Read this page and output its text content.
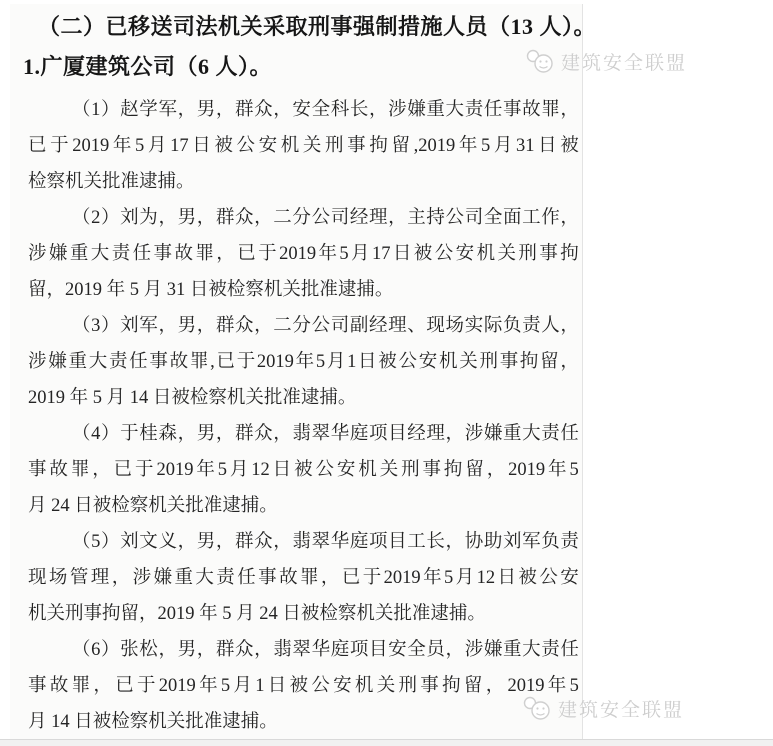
（二）已移送司法机关采取刑事强制措施人员（13 人）。
1.广厦建筑公司（6 人）。
（ 1 ） 赵 学 军 ， 男 ， 群 众 ， 安 全 科 长 ， 涉 嫌 重 大 责 任 事 故 罪 ，
已 于 2019 年 5 月 17 日 被 公 安 机 关 刑 事 拘 留 ,2019 年 5 月 31 日 被
检察机关批准逮捕。
（ 2 ） 刘 为 ， 男 ， 群 众 ， 二 分 公 司 经 理 ， 主 持 公 司 全 面 工 作 ，
涉 嫌 重 大 责 任 事 故 罪 ， 已 于 2019 年 5 月 17 日 被 公 安 机 关 刑 事 拘
留，2019 年 5 月 31 日被检察机关批准逮捕。
（ 3 ） 刘 军 ， 男 ， 群 众 ， 二 分 公 司 副 经 理 、 现 场 实 际 负 责 人 ，
涉 嫌 重 大 责 任 事 故 罪 , 已 于 2019 年 5 月 1 日 被 公 安 机 关 刑 事 拘 留 ，
2019 年 5 月 14 日被检察机关批准逮捕。
（ 4 ） 于 桂 森 ， 男 ， 群 众 ， 翡 翠 华 庭 项 目 经 理 ， 涉 嫌 重 大 责 任
事 故 罪 ， 已 于 2019 年 5 月 12 日 被 公 安 机 关 刑 事 拘 留 ， 2019 年 5
月 24 日被检察机关批准逮捕。
（ 5 ） 刘 文 义 ， 男 ， 群 众 ， 翡 翠 华 庭 项 目 工 长 ， 协 助 刘 军 负 责
现 场 管 理 ， 涉 嫌 重 大 责 任 事 故 罪 ， 已 于 2019 年 5 月 12 日 被 公 安
机关刑事拘留，2019 年 5 月 24 日被检察机关批准逮捕。
（ 6 ） 张 松 ， 男 ， 群 众 ， 翡 翠 华 庭 项 目 安 全 员 ， 涉 嫌 重 大 责 任
事 故 罪 ， 已 于 2019 年 5 月 1 日 被 公 安 机 关 刑 事 拘 留 ， 2019 年 5
月 14 日被检察机关批准逮捕。
建筑安全联盟
建筑安全联盟
